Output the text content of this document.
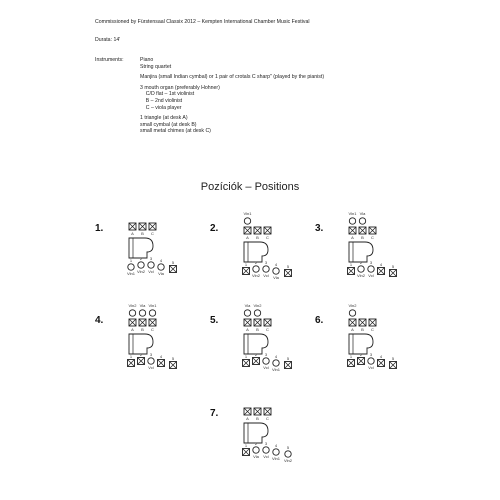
Commissioned by Fürstensaal Classix 2012 – Kempten International Chamber Music Festival
Durata: 14'
Instruments:	Piano
String quartet

Manjira (small Indian cymbal) or 1 pair of crotals C sharp" (played by the pianist)

3 mouth organ (preferably Hohner)
C/D flat – 1st violinist
B – 2nd violinist
C – viola player

1 triangle (at desk A)
small cymbal (at desk B)
small metal chimes (at desk C)
Pozíciók – Positions
1.	A B C
1
Vln1
2
Vln2
3
Vcl
4
Vla
5
2.
Vln1
A B C
1 2
Vln2
3
Vcl
4
Vla
5
3.
Vln1 Vla
A B C
1 2
Vln2
3
Vcl
4 5
4.
Vln2 Vla Vln1
A B C
1 2 3
Vcl
4 5
5.
Vla Vln2
A B C
1 2 3
Vcl
4
Vln1
5
6.
Vln2
A B C
1 2 3
Vcl
4 5
7.	A B C
1 2
Vla
3
Vcl
4
Vln1
5
Vln2
